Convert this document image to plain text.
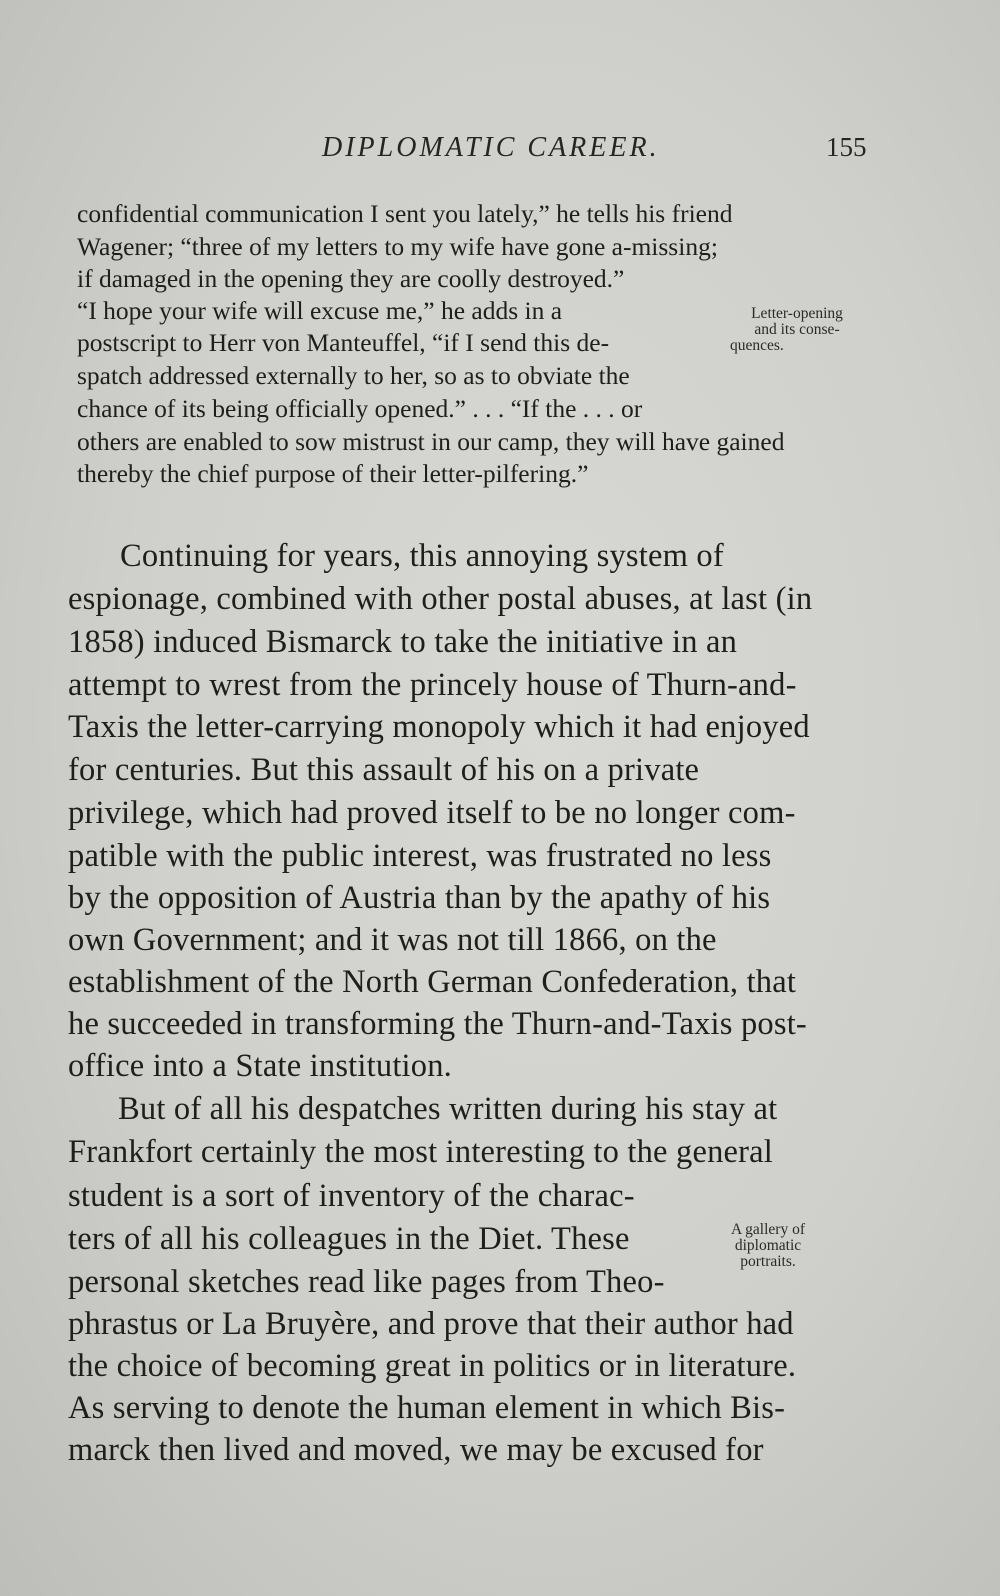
DIPLOMATIC CAREER.	155

confidential communication I sent you lately,” he tells his friend

Wagener; “three of my letters to my wife have gone a-missing;

if damaged in the opening they are coolly destroyed.”

“I hope your wife will excuse me,” he adds in a

postscript to Herr von Manteuffel, “if I send this de-

spatch addressed externally to her, so as to obviate the

chance of its being officially opened.” . . . “If the . . . or

others are enabled to sow mistrust in our camp, they will have gained

thereby the chief purpose of their letter-pilfering.”

Letter-opening
and its conse-
quences.

Continuing for years, this annoying system of

espionage, combined with other postal abuses, at last (in

1858) induced Bismarck to take the initiative in an

attempt to wrest from the princely house of Thurn-and-

Taxis the letter-carrying monopoly which it had enjoyed

for centuries. But this assault of his on a private

privilege, which had proved itself to be no longer com-

patible with the public interest, was frustrated no less

by the opposition of Austria than by the apathy of his

own Government; and it was not till 1866, on the

establishment of the North German Confederation, that

he succeeded in transforming the Thurn-and-Taxis post-

office into a State institution.

But of all his despatches written during his stay at

Frankfort certainly the most interesting to the general

student is a sort of inventory of the charac-

ters of all his colleagues in the Diet. These

personal sketches read like pages from Theo-

phrastus or La Bruyère, and prove that their author had

the choice of becoming great in politics or in literature.

As serving to denote the human element in which Bis-

marck then lived and moved, we may be excused for

A gallery of
diplomatic
portraits.
